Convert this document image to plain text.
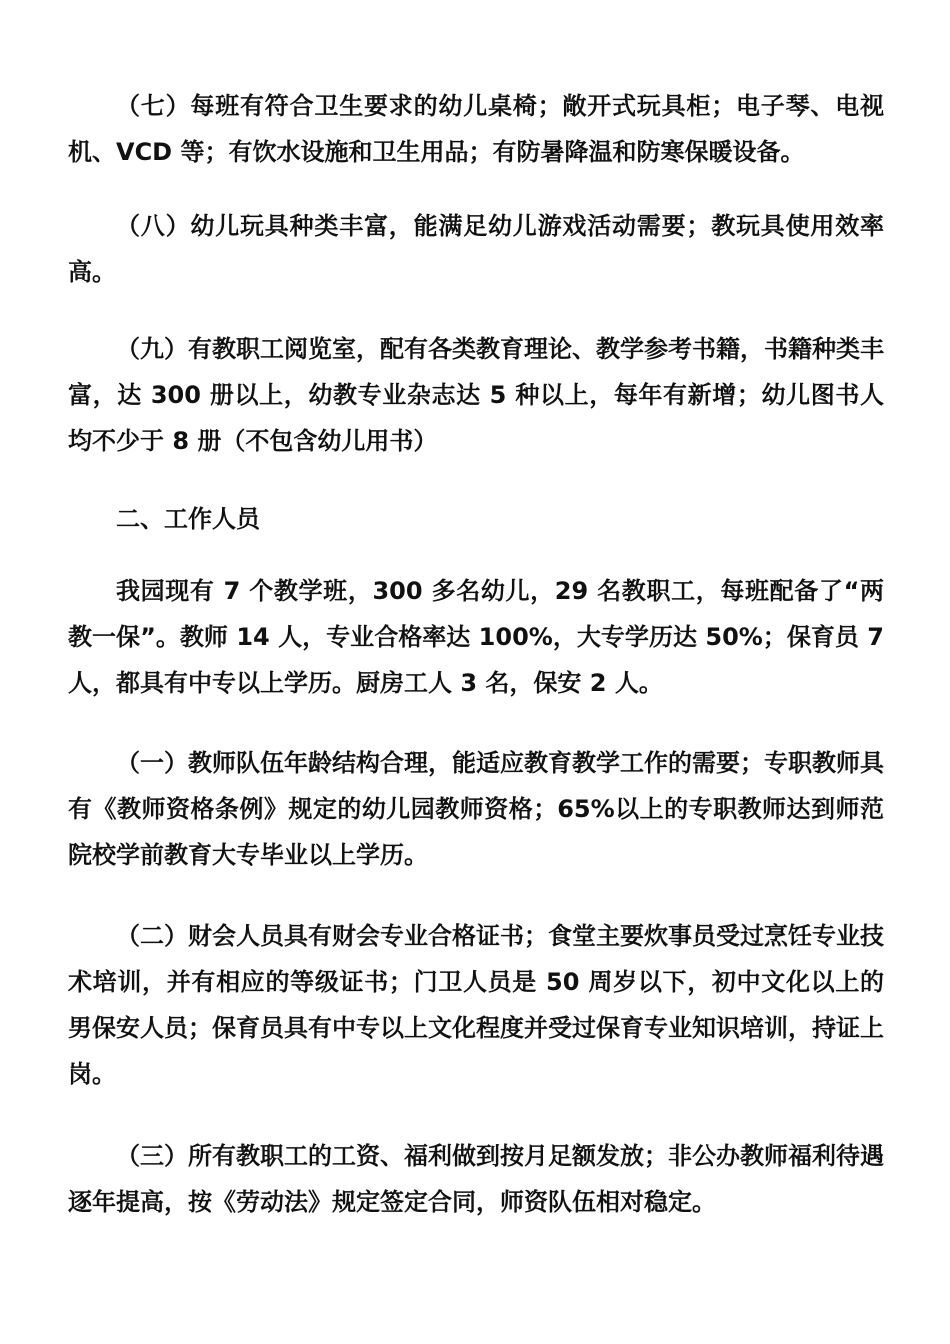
（七）每班有符合卫生要求的幼儿桌椅；敞开式玩具柜；电子琴、电视机、VCD 等；有饮水设施和卫生用品；有防暑降温和防寒保暖设备。

（八）幼儿玩具种类丰富，能满足幼儿游戏活动需要；教玩具使用效率高。

（九）有教职工阅览室，配有各类教育理论、教学参考书籍，书籍种类丰富，达 300 册以上，幼教专业杂志达 5 种以上，每年有新增；幼儿图书人均不少于 8 册（不包含幼儿用书）

二、工作人员

我园现有 7 个教学班，300 多名幼儿，29 名教职工，每班配备了“两教一保”。教师 14 人，专业合格率达 100%，大专学历达 50%；保育员 7 人，都具有中专以上学历。厨房工人 3 名，保安 2 人。

（一）教师队伍年龄结构合理，能适应教育教学工作的需要；专职教师具有《教师资格条例》规定的幼儿园教师资格；65%以上的专职教师达到师范院校学前教育大专毕业以上学历。

（二）财会人员具有财会专业合格证书；食堂主要炊事员受过烹饪专业技术培训，并有相应的等级证书；门卫人员是 50 周岁以下，初中文化以上的男保安人员；保育员具有中专以上文化程度并受过保育专业知识培训，持证上岗。

（三）所有教职工的工资、福利做到按月足额发放；非公办教师福利待遇逐年提高，按《劳动法》规定签定合同，师资队伍相对稳定。
